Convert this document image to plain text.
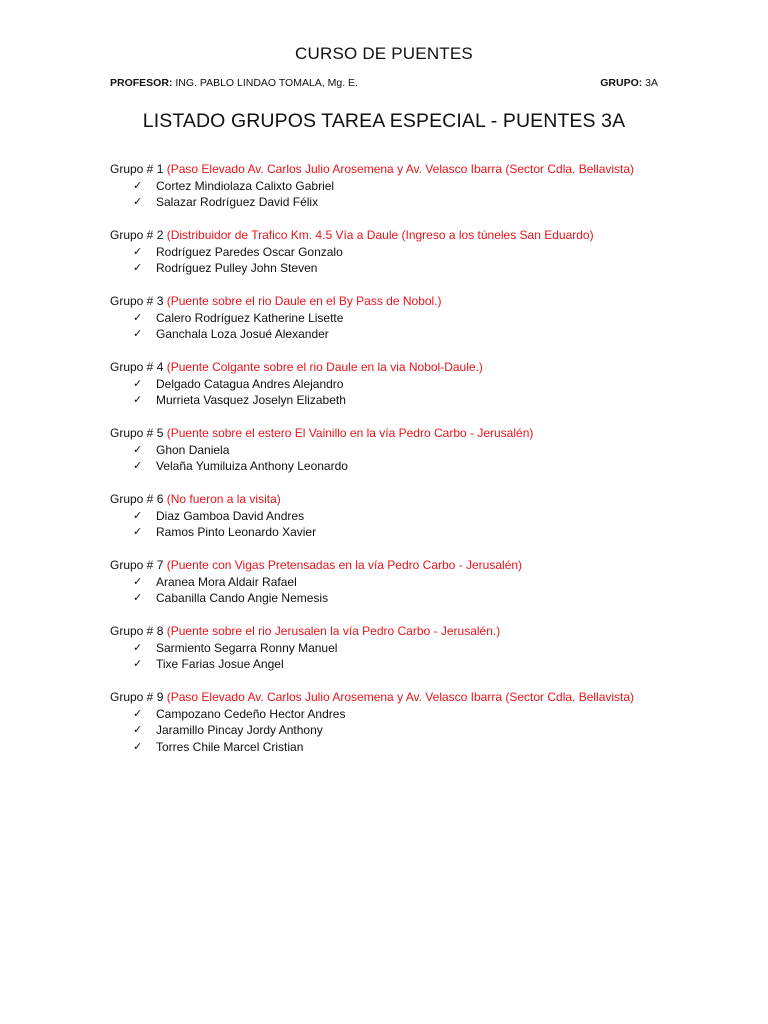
CURSO DE PUENTES
PROFESOR: ING. PABLO LINDAO TOMALA, Mg. E.	GRUPO: 3A
LISTADO GRUPOS TAREA ESPECIAL - PUENTES 3A
Grupo # 1 (Paso Elevado Av. Carlos Julio Arosemena y Av. Velasco Ibarra (Sector Cdla. Bellavista)
✓ Cortez Mindiolaza Calixto Gabriel
✓ Salazar Rodríguez David Félix
Grupo # 2 (Distribuidor de Trafico Km. 4.5 Vía a Daule (Ingreso a los túneles San Eduardo)
✓ Rodríguez Paredes Oscar Gonzalo
✓ Rodríguez Pulley John Steven
Grupo # 3 (Puente sobre el rio Daule en el By Pass de Nobol.)
✓ Calero Rodríguez Katherine Lisette
✓ Ganchala Loza Josué Alexander
Grupo # 4 (Puente Colgante sobre el rio Daule en la via Nobol-Daule.)
✓ Delgado Catagua Andres Alejandro
✓ Murrieta Vasquez Joselyn Elizabeth
Grupo # 5 (Puente sobre el estero El Vainillo en la vía Pedro Carbo - Jerusalén)
✓ Ghon Daniela
✓ Velaña Yumiluiza Anthony Leonardo
Grupo # 6 (No fueron a la visita)
✓ Diaz Gamboa David Andres
✓ Ramos Pinto Leonardo Xavier
Grupo # 7 (Puente con Vigas Pretensadas en la vía Pedro Carbo - Jerusalén)
✓ Aranea Mora Aldair Rafael
✓ Cabanilla Cando Angie Nemesis
Grupo # 8 (Puente sobre el rio Jerusalen la vía Pedro Carbo - Jerusalén.)
✓ Sarmiento Segarra Ronny Manuel
✓ Tixe Farias Josue Angel
Grupo # 9 (Paso Elevado Av. Carlos Julio Arosemena y Av. Velasco Ibarra (Sector Cdla. Bellavista)
✓ Campozano Cedeño Hector Andres
✓ Jaramillo Pincay Jordy Anthony
✓ Torres Chile Marcel Cristian
